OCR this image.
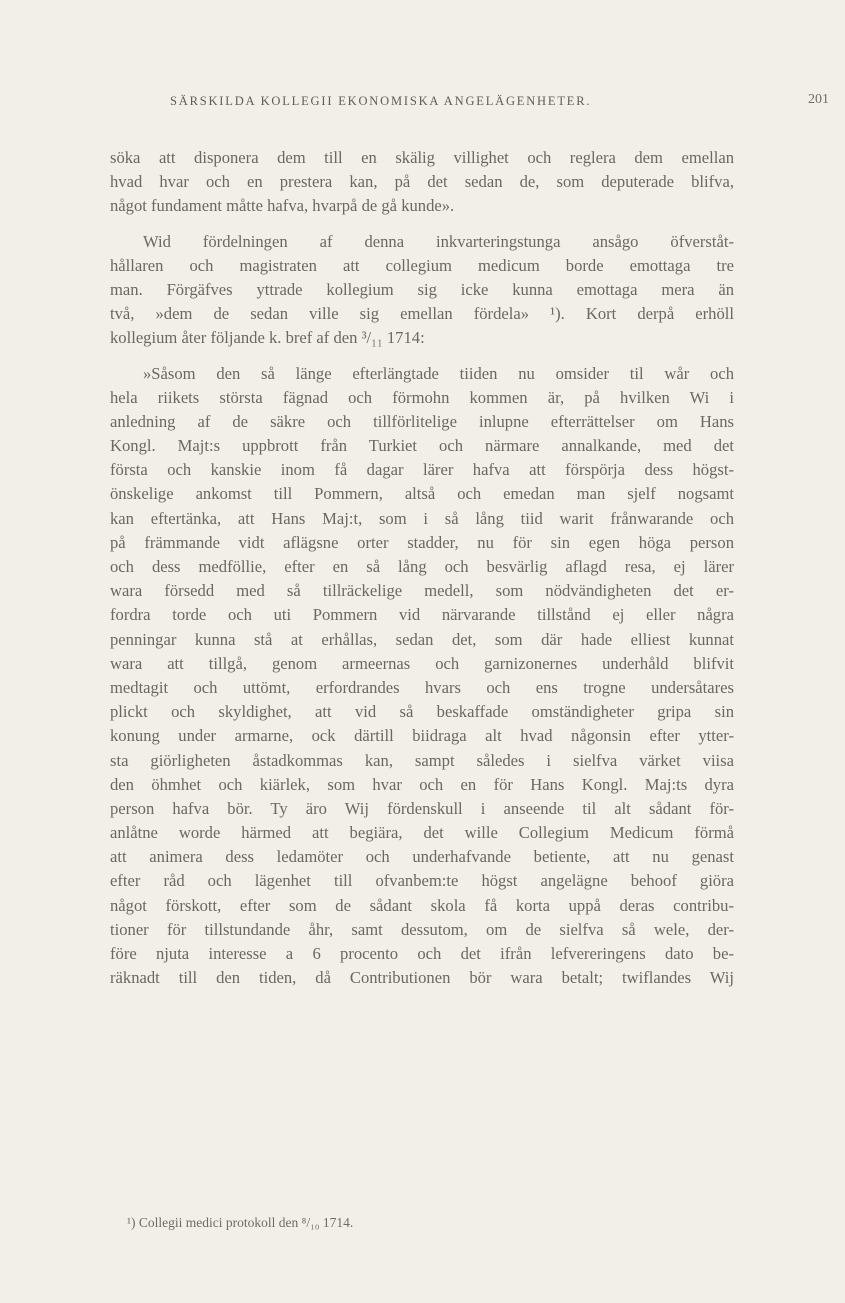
SÄRSKILDA KOLLEGII EKONOMISKA ANGELÄGENHETER.	201
söka att disponera dem till en skälig villighet och reglera dem emellan
hvad hvar och en prestera kan, på det sedan de, som deputerade blifva,
något fundament måtte hafva, hvarpå de gå kunde».
Wid fördelningen af denna inkvarteringstunga ansågo öfverståt-
hållaren och magistraten att collegium medicum borde emottaga tre
man. Förgäfves yttrade kollegium sig icke kunna emottaga mera än
två, »dem de sedan ville sig emellan fördela» ¹). Kort derpå erhöll
kollegium åter följande k. bref af den ³/₁₁ 1714:
»Såsom den så länge efterlängtade tiiden nu omsider til wår och
hela riikets största fägnad och förmohn kommen är, på hvilken Wi i
anledning af de säkre och tillförlitelige inlupne efterrättelser om Hans
Kongl. Majt:s uppbrott från Turkiet och närmare annalkande, med det
första och kanskie inom få dagar lärer hafva att förspörja dess högst-
önskelige ankomst till Pommern, altså och emedan man sjelf nogsamt
kan eftertänka, att Hans Maj:t, som i så lång tiid warit frånwarande och
på främmande vidt aflägsne orter stadder, nu för sin egen höga person
och dess medföllie, efter en så lång och besvärlig aflagd resa, ej lärer
wara försedd med så tillräckelige medell, som nödvändigheten det er-
fordra torde och uti Pommern vid närvarande tillstånd ej eller några
penningar kunna stå at erhållas, sedan det, som där hade elliest kunnat
wara att tillgå, genom armeernas och garnizonernes underhåld blifvit
medtagit och uttömt, erfordrandes hvars och ens trogne undersåtares
plickt och skyldighet, att vid så beskaffade omständigheter gripa sin
konung under armarne, ock därtill biidraga alt hvad någonsin efter ytter-
sta giörligheten åstadkommas kan, sampt således i sielfva värket viisa
den öhmhet och kiärlek, som hvar och en för Hans Kongl. Maj:ts dyra
person hafva bör. Ty äro Wij fördenskull i anseende til alt sådant för-
anlåtne worde härmed att begiära, det wille Collegium Medicum förmå
att animera dess ledamöter och underhafvande betiente, att nu genast
efter råd och lägenhet till ofvanbem:te högst angelägne behoof giöra
något förskott, efter som de sådant skola få korta uppå deras contribu-
tioner för tillstundande åhr, samt dessutom, om de sielfva så wele, der-
före njuta interesse a 6 procento och det ifrån lefvereringens dato be-
räknadt till den tiden, då Contributionen bör wara betalt; twiflandes Wij
¹) Collegii medici protokoll den ⁸/₁₀ 1714.
